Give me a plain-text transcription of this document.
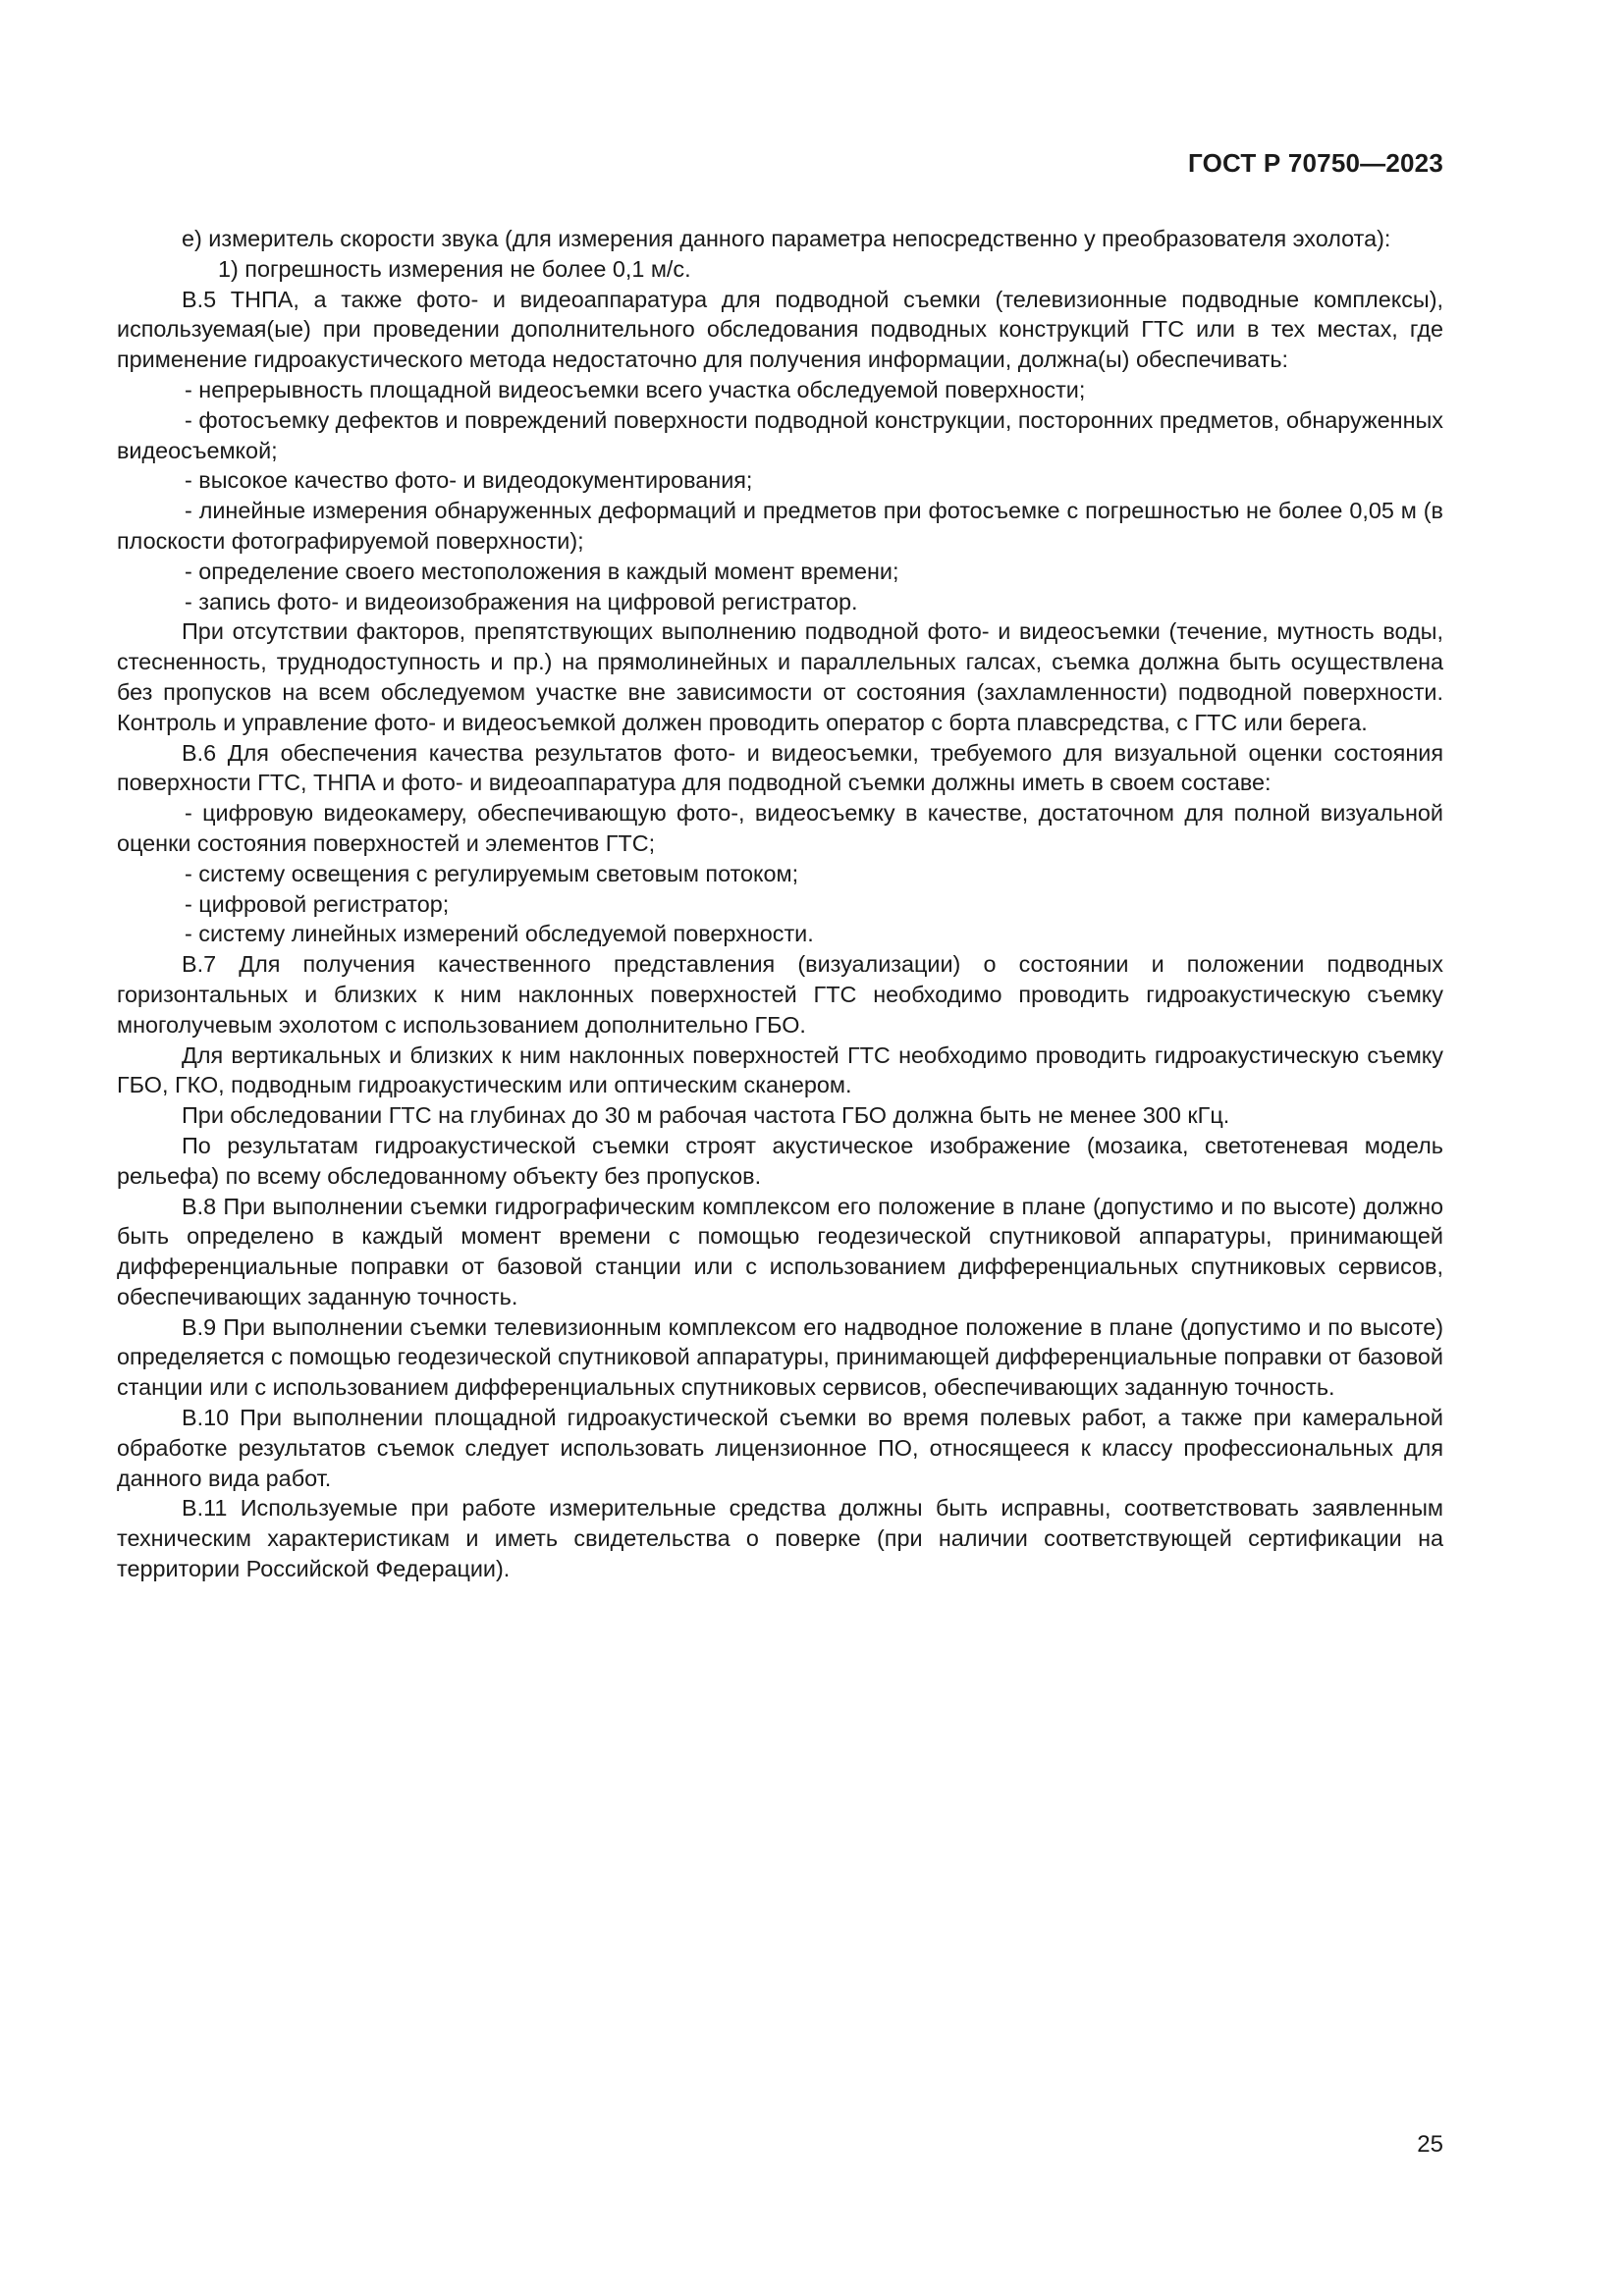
ГОСТ Р 70750—2023

е) измеритель скорости звука (для измерения данного параметра непосредственно у преобразователя эхолота):

1) погрешность измерения не более 0,1 м/с.

В.5 ТНПА, а также фото- и видеоаппаратура для подводной съемки (телевизионные подводные комплексы), используемая(ые) при проведении дополнительного обследования подводных конструкций ГТС или в тех местах, где применение гидроакустического метода недостаточно для получения информации, должна(ы) обеспечивать:

- непрерывность площадной видеосъемки всего участка обследуемой поверхности;

- фотосъемку дефектов и повреждений поверхности подводной конструкции, посторонних предметов, обнаруженных видеосъемкой;

- высокое качество фото- и видеодокументирования;

- линейные измерения обнаруженных деформаций и предметов при фотосъемке с погрешностью не более 0,05 м (в плоскости фотографируемой поверхности);

- определение своего местоположения в каждый момент времени;

- запись фото- и видеоизображения на цифровой регистратор.

При отсутствии факторов, препятствующих выполнению подводной фото- и видеосъемки (течение, мутность воды, стесненность, труднодоступность и пр.) на прямолинейных и параллельных галсах, съемка должна быть осуществлена без пропусков на всем обследуемом участке вне зависимости от состояния (захламленности) подводной поверхности. Контроль и управление фото- и видеосъемкой должен проводить оператор с борта плавсредства, с ГТС или берега.

В.6 Для обеспечения качества результатов фото- и видеосъемки, требуемого для визуальной оценки состояния поверхности ГТС, ТНПА и фото- и видеоаппаратура для подводной съемки должны иметь в своем составе:

- цифровую видеокамеру, обеспечивающую фото-, видеосъемку в качестве, достаточном для полной визуальной оценки состояния поверхностей и элементов ГТС;

- систему освещения с регулируемым световым потоком;

- цифровой регистратор;

- систему линейных измерений обследуемой поверхности.

В.7 Для получения качественного представления (визуализации) о состоянии и положении подводных горизонтальных и близких к ним наклонных поверхностей ГТС необходимо проводить гидроакустическую съемку многолучевым эхолотом с использованием дополнительно ГБО.

Для вертикальных и близких к ним наклонных поверхностей ГТС необходимо проводить гидроакустическую съемку ГБО, ГКО, подводным гидроакустическим или оптическим сканером.

При обследовании ГТС на глубинах до 30 м рабочая частота ГБО должна быть не менее 300 кГц.

По результатам гидроакустической съемки строят акустическое изображение (мозаика, светотеневая модель рельефа) по всему обследованному объекту без пропусков.

В.8 При выполнении съемки гидрографическим комплексом его положение в плане (допустимо и по высоте) должно быть определено в каждый момент времени с помощью геодезической спутниковой аппаратуры, принимающей дифференциальные поправки от базовой станции или с использованием дифференциальных спутниковых сервисов, обеспечивающих заданную точность.

В.9 При выполнении съемки телевизионным комплексом его надводное положение в плане (допустимо и по высоте) определяется с помощью геодезической спутниковой аппаратуры, принимающей дифференциальные поправки от базовой станции или с использованием дифференциальных спутниковых сервисов, обеспечивающих заданную точность.

В.10 При выполнении площадной гидроакустической съемки во время полевых работ, а также при камеральной обработке результатов съемок следует использовать лицензионное ПО, относящееся к классу профессиональных для данного вида работ.

В.11 Используемые при работе измерительные средства должны быть исправны, соответствовать заявленным техническим характеристикам и иметь свидетельства о поверке (при наличии соответствующей сертификации на территории Российской Федерации).

25
